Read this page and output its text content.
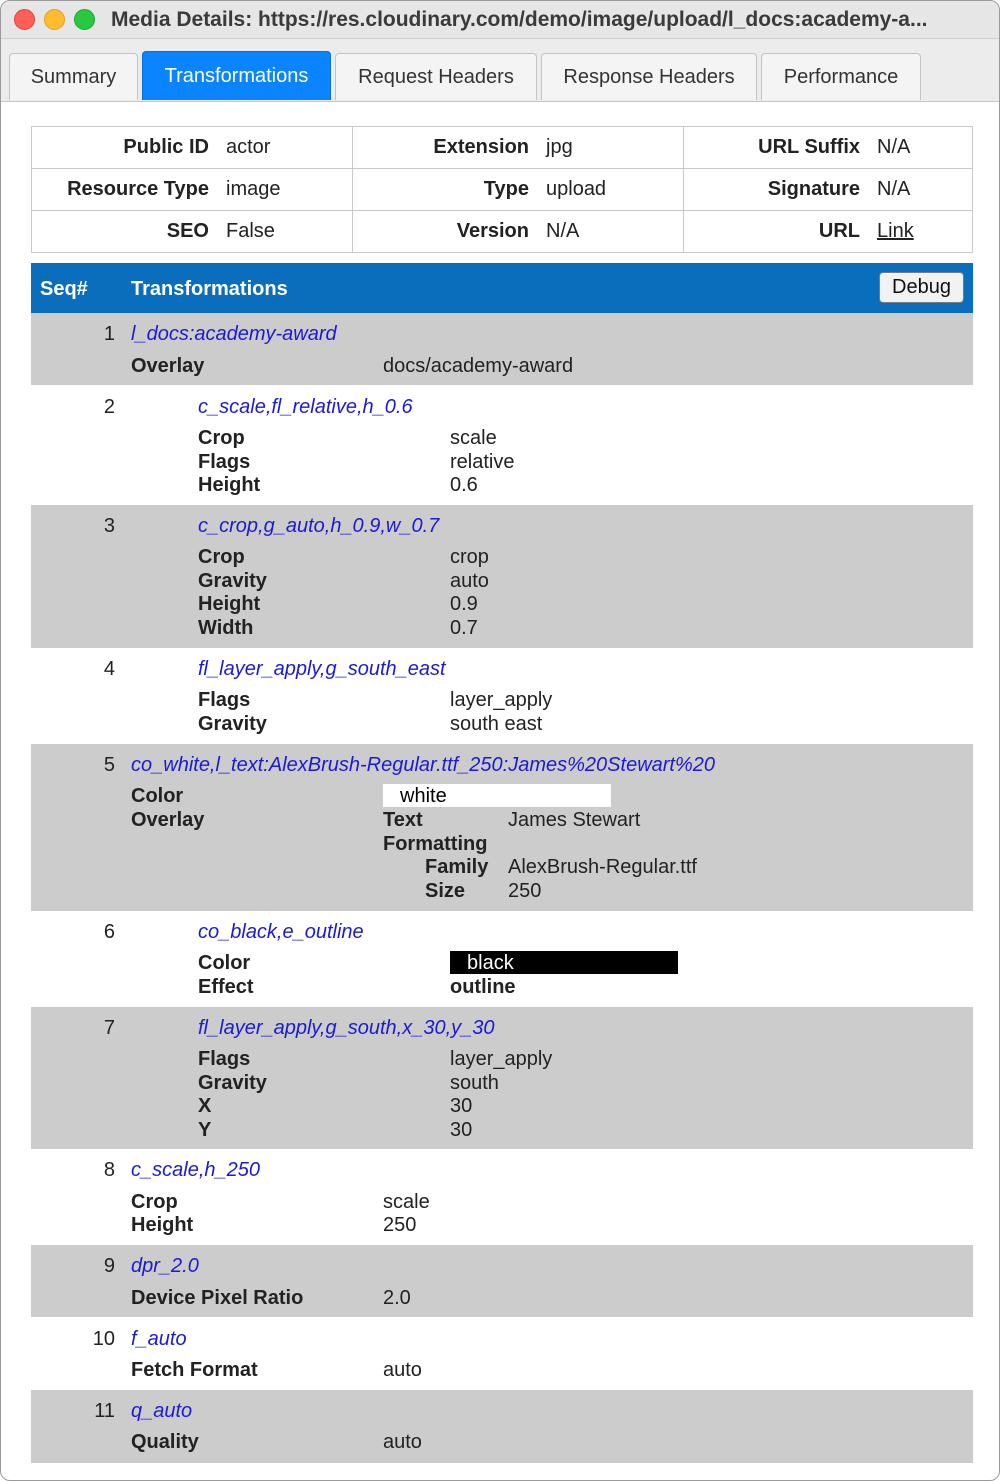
Media Details: https://res.cloudinary.com/demo/image/upload/l_docs:academy-a...
Summary	Transformations	Request Headers	Response Headers	Performance
Public ID actor	Extension jpg	URL Suffix N/A

Resource Type image	Type upload	Signature N/A

SEO False	Version N/A	URL Link
Seq# Transformations	Debug
1 l_docs:academy-award
Overlay	docs/academy-award
2	c_scale,fl_relative,h_0.6
Crop	scale
Flags	relative
Height	0.6
3	c_crop,g_auto,h_0.9,w_0.7
Crop	crop
Gravity	auto
Height	0.9
Width	0.7
4	fl_layer_apply,g_south_east
Flags	layer_apply
Gravity	south east
5 co_white,l_text:AlexBrush-Regular.ttf_250:James%20Stewart%20
Color	white
Overlay	Text	James Stewart
Formatting
Family AlexBrush-Regular.ttf
Size 250
6	co_black,e_outline
Color	black
Effect	outline
7	fl_layer_apply,g_south,x_30,y_30
Flags	layer_apply
Gravity	south
X	30
Y	30
8 c_scale,h_250
Crop	scale
Height	250
9 dpr_2.0
Device Pixel Ratio	2.0
10 f_auto
Fetch Format	auto
11 q_auto
Quality	auto
